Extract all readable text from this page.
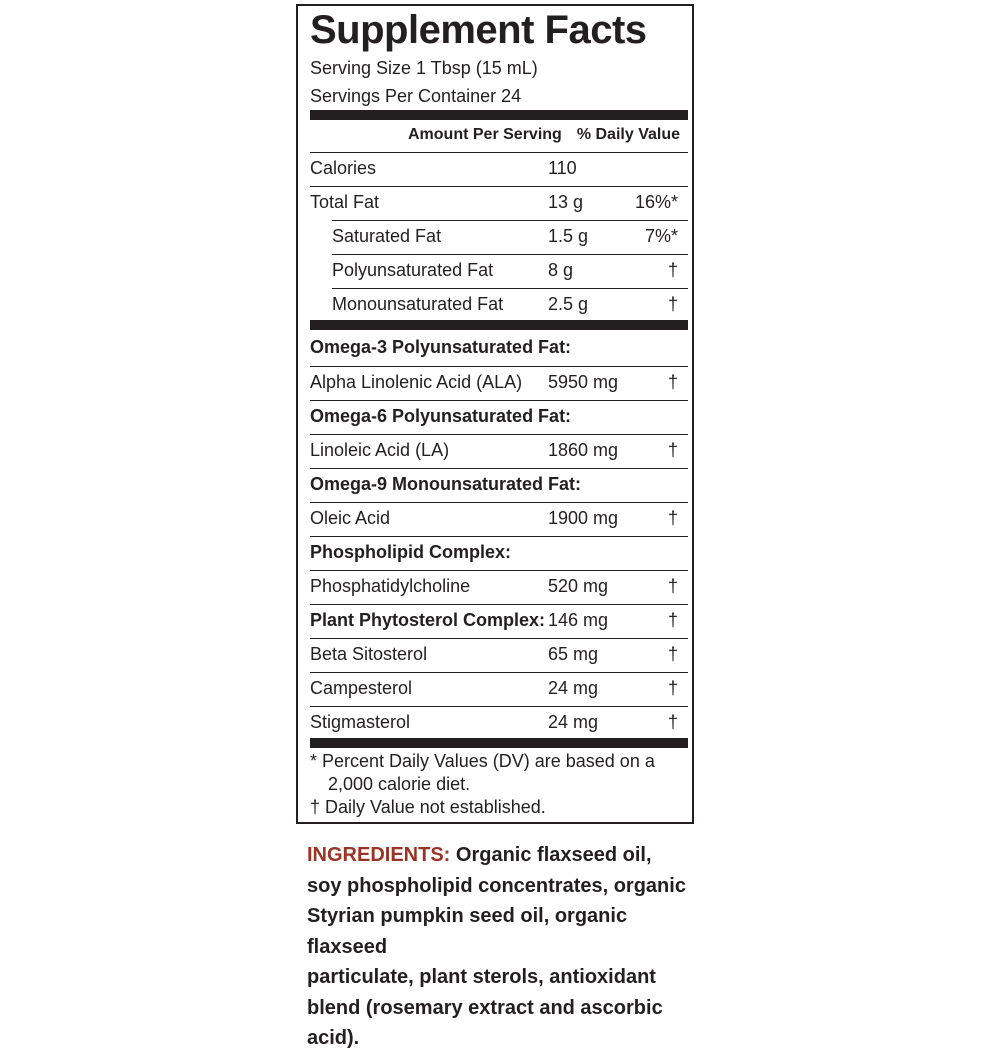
Supplement Facts
Serving Size 1 Tbsp (15 mL)
Servings Per Container 24
Amount Per Serving % Daily Value
Calories	110
Total Fat	13 g	16%*
Saturated Fat	1.5 g	7%*
Polyunsaturated Fat	8 g	†
Monounsaturated Fat 2.5 g	†
Omega-3 Polyunsaturated Fat:
Alpha Linolenic Acid (ALA) 5950 mg	†
Omega-6 Polyunsaturated Fat:
Linoleic Acid (LA)	1860 mg	†
Omega-9 Monounsaturated Fat:
Oleic Acid	1900 mg	†
Phospholipid Complex:
Phosphatidylcholine	520 mg	†
Plant Phytosterol Complex: 146 mg	†
Beta Sitosterol	65 mg	†
Campesterol	24 mg	†
Stigmasterol	24 mg	†
* Percent Daily Values (DV) are based on a
2,000 calorie diet.
† Daily Value not established.
INGREDIENTS: Organic flaxseed oil,
soy phospholipid concentrates, organic
Styrian pumpkin seed oil, organic flaxseed
particulate, plant sterols, antioxidant
blend (rosemary extract and ascorbic acid).
